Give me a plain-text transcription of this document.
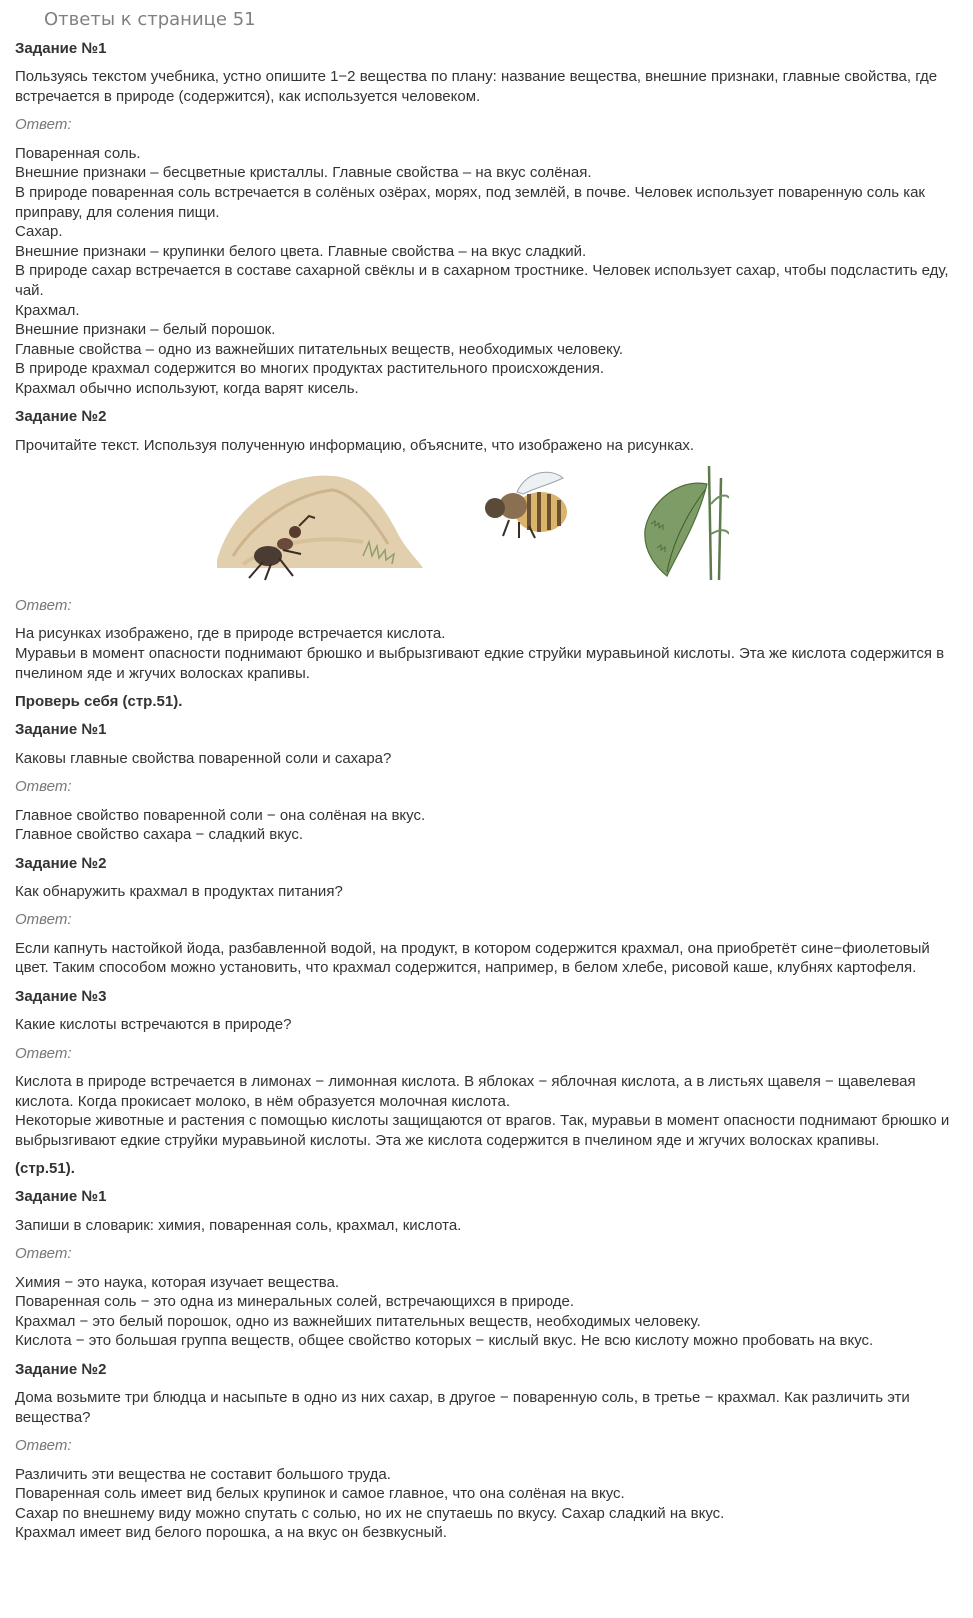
Ответы к странице 51
Задание №1
Пользуясь текстом учебника, устно опишите 1−2 вещества по плану: название вещества, внешние признаки, главные свойства, где встречается в природе (содержится), как используется человеком.
Ответ:
Поваренная соль.
Внешние признаки – бесцветные кристаллы. Главные свойства – на вкус солёная.
В природе поваренная соль встречается в солёных озёрах, морях, под землёй, в почве. Человек использует поваренную соль как приправу, для соления пищи.
Сахар.
Внешние признаки – крупинки белого цвета. Главные свойства – на вкус сладкий.
В природе сахар встречается в составе сахарной свёклы и в сахарном тростнике. Человек использует сахар, чтобы подсластить еду, чай.
Крахмал.
Внешние признаки – белый порошок.
Главные свойства – одно из важнейших питательных веществ, необходимых человеку.
В природе крахмал содержится во многих продуктах растительного происхождения.
Крахмал обычно используют, когда варят кисель.
Задание №2
Прочитайте текст. Используя полученную информацию, объясните, что изображено на рисунках.
Ответ:
На рисунках изображено, где в природе встречается кислота.
Муравьи в момент опасности поднимают брюшко и выбрызгивают едкие струйки муравьиной кислоты. Эта же кислота содержится в пчелином яде и жгучих волосках крапивы.
Проверь себя (стр.51).
Задание №1
Каковы главные свойства поваренной соли и сахара?
Ответ:
Главное свойство поваренной соли − она солёная на вкус.
Главное свойство сахара − сладкий вкус.
Задание №2
Как обнаружить крахмал в продуктах питания?
Ответ:
Если капнуть настойкой йода, разбавленной водой, на продукт, в котором содержится крахмал, она приобретёт сине−фиолетовый цвет. Таким способом можно установить, что крахмал содержится, например, в белом хлебе, рисовой каше, клубнях картофеля.
Задание №3
Какие кислоты встречаются в природе?
Ответ:
Кислота в природе встречается в лимонах − лимонная кислота. В яблоках − яблочная кислота, а в листьях щавеля − щавелевая кислота. Когда прокисает молоко, в нём образуется молочная кислота.
Некоторые животные и растения с помощью кислоты защищаются от врагов. Так, муравьи в момент опасности поднимают брюшко и выбрызгивают едкие струйки муравьиной кислоты. Эта же кислота содержится в пчелином яде и жгучих волосках крапивы.
(стр.51).
Задание №1
Запиши в словарик: химия, поваренная соль, крахмал, кислота.
Ответ:
Химия − это наука, которая изучает вещества.
Поваренная соль − это одна из минеральных солей, встречающихся в природе.
Крахмал − это белый порошок, одно из важнейших питательных веществ, необходимых человеку.
Кислота − это большая группа веществ, общее свойство которых − кислый вкус. Не всю кислоту можно пробовать на вкус.
Задание №2
Дома возьмите три блюдца и насыпьте в одно из них сахар, в другое − поваренную соль, в третье − крахмал. Как различить эти вещества?
Ответ:
Различить эти вещества не составит большого труда.
Поваренная соль имеет вид белых крупинок и самое главное, что она солёная на вкус.
Сахар по внешнему виду можно спутать с солью, но их не спутаешь по вкусу. Сахар сладкий на вкус.
Крахмал имеет вид белого порошка, а на вкус он безвкусный.
